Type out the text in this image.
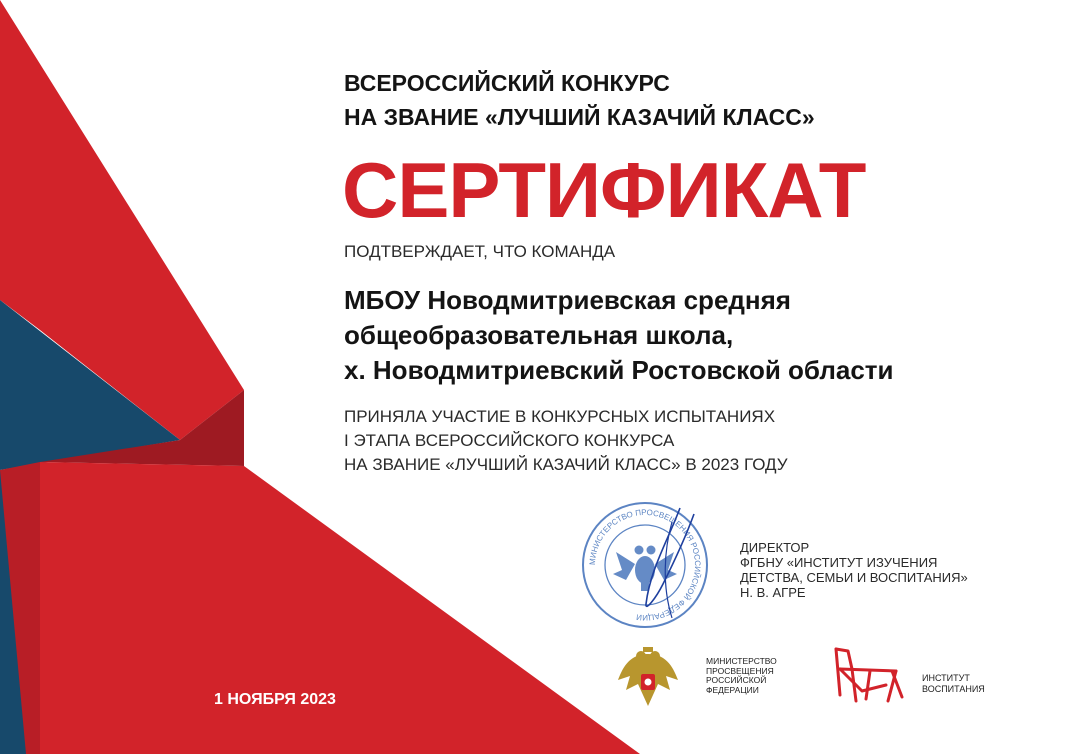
ВСЕРОССИЙСКИЙ КОНКУРС
НА ЗВАНИЕ «ЛУЧШИЙ КАЗАЧИЙ КЛАСС»
СЕРТИФИКАТ
ПОДТВЕРЖДАЕТ, ЧТО КОМАНДА
МБОУ Новодмитриевская средняя
общеобразовательная школа,
х. Новодмитриевский Ростовской области
ПРИНЯЛА УЧАСТИЕ В КОНКУРСНЫХ ИСПЫТАНИЯХ
I ЭТАПА ВСЕРОССИЙСКОГО КОНКУРСА
НА ЗВАНИЕ «ЛУЧШИЙ КАЗАЧИЙ КЛАСС» В 2023 ГОДУ
МИНИСТЕРСТВО ПРОСВЕЩЕНИЯ РОССИЙСКОЙ ФЕДЕРАЦИИ
ДИРЕКТОР
ФГБНУ «ИНСТИТУТ ИЗУЧЕНИЯ
ДЕТСТВА, СЕМЬИ И ВОСПИТАНИЯ»
Н. В. АГРЕ
1 НОЯБРЯ 2023
МИНИСТЕРСТВО
ПРОСВЕЩЕНИЯ
РОССИЙСКОЙ
ФЕДЕРАЦИИ
ИНСТИТУТ
ВОСПИТАНИЯ
